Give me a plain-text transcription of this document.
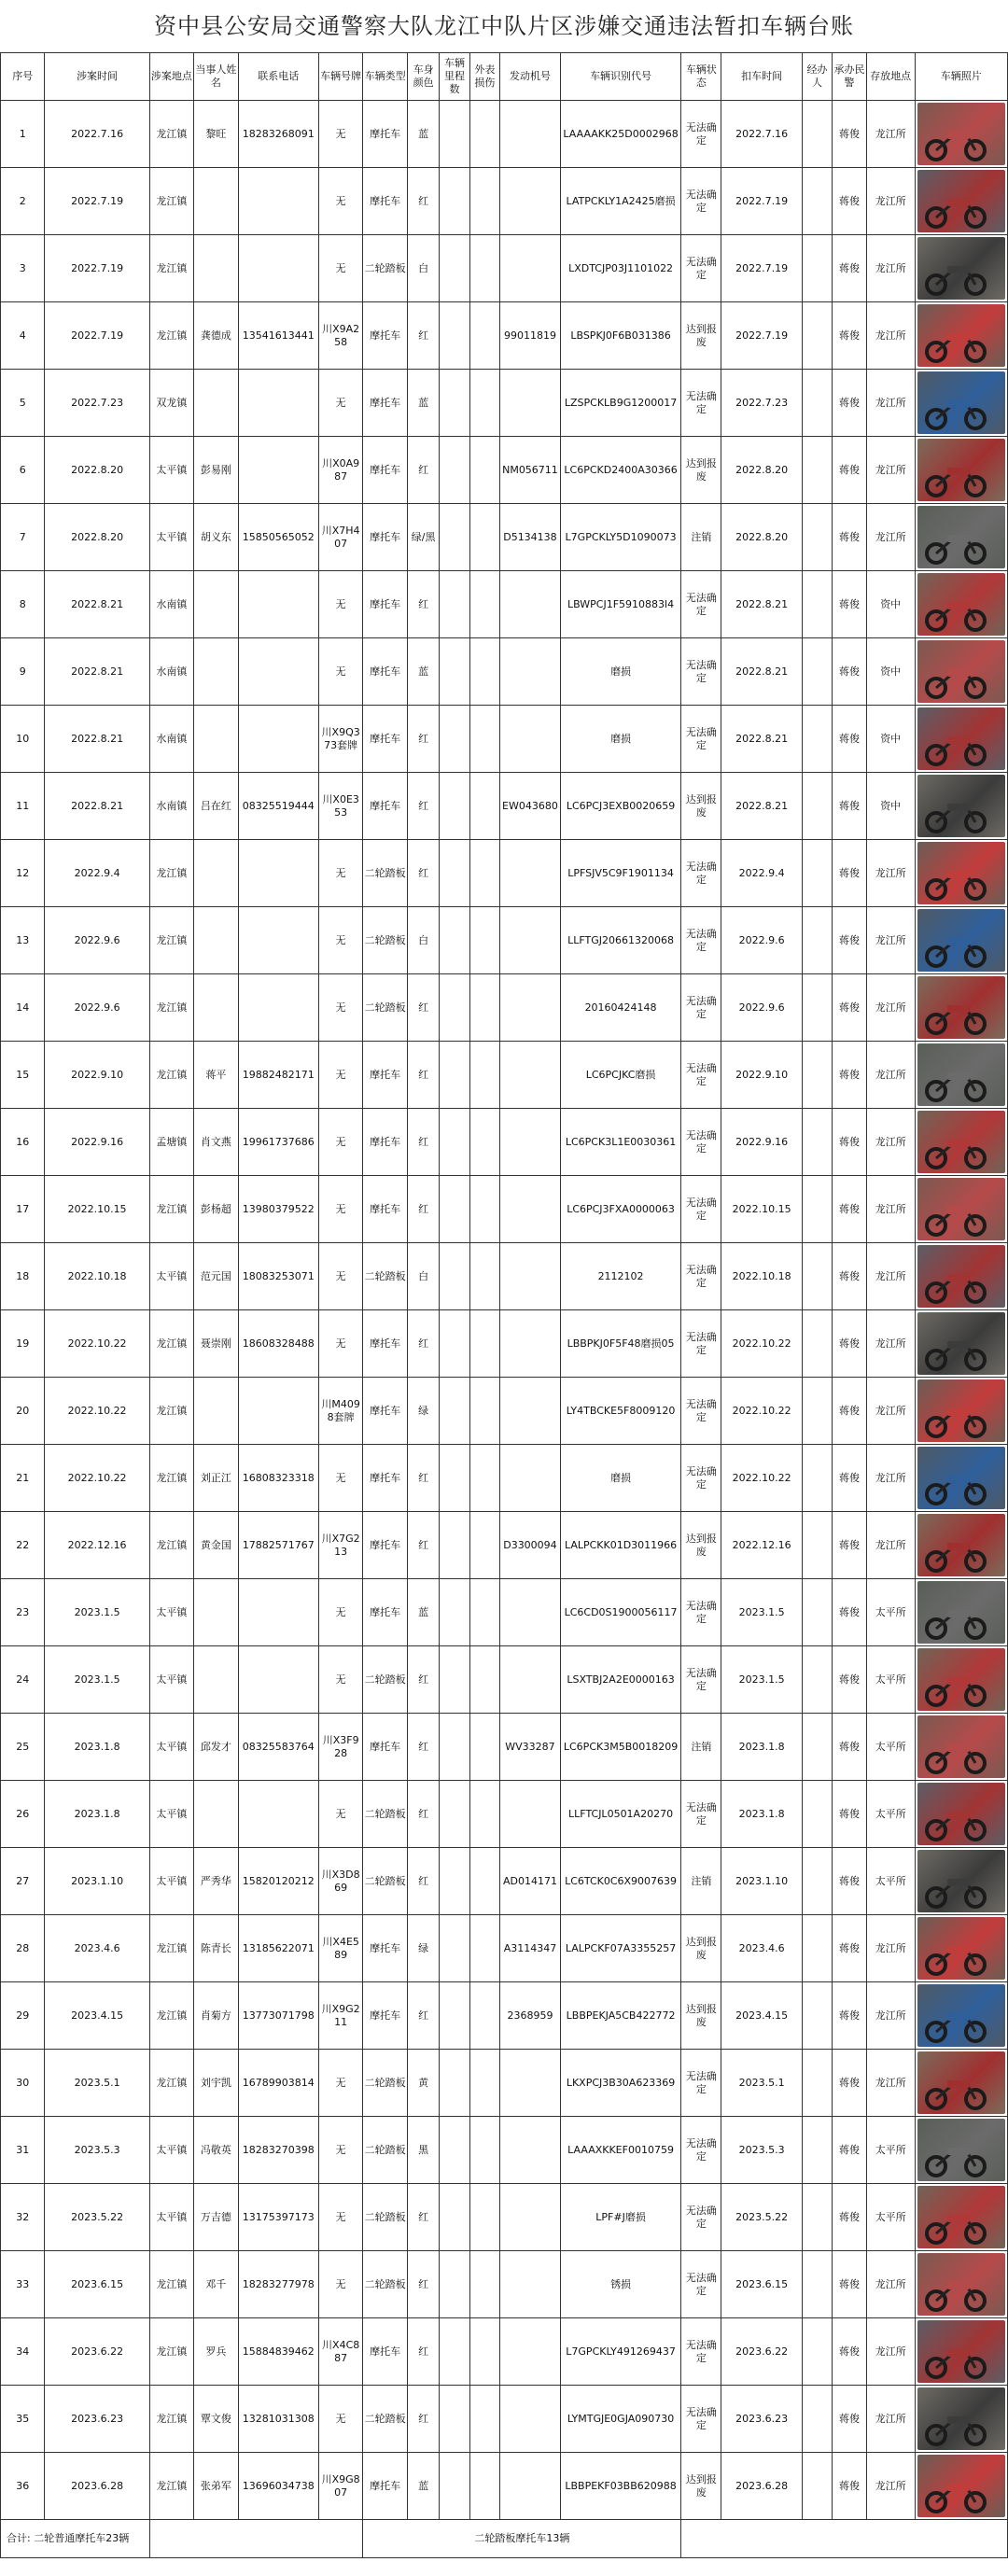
资中县公安局交通警察大队龙江中队片区涉嫌交通违法暂扣车辆台账
序号	涉案时间	涉案地点	当事人姓名	联系电话	车辆号牌	车辆类型	车身颜色	车辆里程数	外表损伤	发动机号	车辆识别代号	车辆状态	扣车时间	经办人	承办民警	存放地点	车辆照片
1	2022.7.16	龙江镇	黎旺	18283268091	无	摩托车	蓝				LAAAAKK25D0002968	无法确定	2022.7.16		蒋俊	龙江所	

2	2022.7.19	龙江镇			无	摩托车	红				LATPCKLY1A2425磨损	无法确定	2022.7.19		蒋俊	龙江所	

3	2022.7.19	龙江镇			无	二轮踏板	白				LXDTCJP03J1101022	无法确定	2022.7.19		蒋俊	龙江所	

4	2022.7.19	龙江镇	龚德成	13541613441	川X9A258	摩托车	红			99011819	LBSPKJ0F6B031386	达到报废	2022.7.19		蒋俊	龙江所	

5	2022.7.23	双龙镇			无	摩托车	蓝				LZSPCKLB9G1200017	无法确定	2022.7.23		蒋俊	龙江所	

6	2022.8.20	太平镇	彭易刚		川X0A987	摩托车	红			NM056711	LC6PCKD2400A30366	达到报废	2022.8.20		蒋俊	龙江所	

7	2022.8.20	太平镇	胡义东	15850565052	川X7H407	摩托车	绿/黑			D5134138	L7GPCKLY5D1090073	注销	2022.8.20		蒋俊	龙江所	

8	2022.8.21	水南镇			无	摩托车	红				LBWPCJ1F5910883l4	无法确定	2022.8.21		蒋俊	资中	

9	2022.8.21	水南镇			无	摩托车	蓝				磨损	无法确定	2022.8.21		蒋俊	资中	

10	2022.8.21	水南镇			川X9Q373套牌	摩托车	红				磨损	无法确定	2022.8.21		蒋俊	资中	

11	2022.8.21	水南镇	吕在红	08325519444	川X0E353	摩托车	红			EW043680	LC6PCJ3EXB0020659	达到报废	2022.8.21		蒋俊	资中	

12	2022.9.4	龙江镇			无	二轮踏板	红				LPFSJV5C9F1901134	无法确定	2022.9.4		蒋俊	龙江所	

13	2022.9.6	龙江镇			无	二轮踏板	白				LLFTGJ20661320068	无法确定	2022.9.6		蒋俊	龙江所	

14	2022.9.6	龙江镇			无	二轮踏板	红				20160424148	无法确定	2022.9.6		蒋俊	龙江所	

15	2022.9.10	龙江镇	蒋平	19882482171	无	摩托车	红				LC6PCJKC磨损	无法确定	2022.9.10		蒋俊	龙江所	

16	2022.9.16	孟塘镇	肖文燕	19961737686	无	摩托车	红				LC6PCK3L1E0030361	无法确定	2022.9.16		蒋俊	龙江所	

17	2022.10.15	龙江镇	彭杨超	13980379522	无	摩托车	红				LC6PCJ3FXA0000063	无法确定	2022.10.15		蒋俊	龙江所	

18	2022.10.18	太平镇	范元国	18083253071	无	二轮踏板	白				2112102	无法确定	2022.10.18		蒋俊	龙江所	

19	2022.10.22	龙江镇	聂崇刚	18608328488	无	摩托车	红				LBBPKJ0F5F48磨损05	无法确定	2022.10.22		蒋俊	龙江所	

20	2022.10.22	龙江镇			川M4098套牌	摩托车	绿				LY4TBCKE5F8009120	无法确定	2022.10.22		蒋俊	龙江所	

21	2022.10.22	龙江镇	刘正江	16808323318	无	摩托车	红				磨损	无法确定	2022.10.22		蒋俊	龙江所	

22	2022.12.16	龙江镇	黄金国	17882571767	川X7G213	摩托车	红			D3300094	LALPCKK01D3011966	达到报废	2022.12.16		蒋俊	龙江所	

23	2023.1.5	太平镇			无	摩托车	蓝				LC6CD0S1900056117	无法确定	2023.1.5		蒋俊	太平所	

24	2023.1.5	太平镇			无	二轮踏板	红				LSXTBJ2A2E0000163	无法确定	2023.1.5		蒋俊	太平所	

25	2023.1.8	太平镇	邱发才	08325583764	川X3F928	摩托车	红			WV33287	LC6PCK3M5B0018209	注销	2023.1.8		蒋俊	太平所	

26	2023.1.8	太平镇			无	二轮踏板	红				LLFTCJL0501A20270	无法确定	2023.1.8		蒋俊	太平所	

27	2023.1.10	太平镇	严秀华	15820120212	川X3D869	二轮踏板	红			AD014171	LC6TCK0C6X9007639	注销	2023.1.10		蒋俊	太平所	

28	2023.4.6	龙江镇	陈青长	13185622071	川X4E589	摩托车	绿			A3114347	LALPCKF07A3355257	达到报废	2023.4.6		蒋俊	龙江所	

29	2023.4.15	龙江镇	肖菊方	13773071798	川X9G211	摩托车	红			2368959	LBBPEKJA5CB422772	达到报废	2023.4.15		蒋俊	龙江所	

30	2023.5.1	龙江镇	刘宇凯	16789903814	无	二轮踏板	黄				LKXPCJ3B30A623369	无法确定	2023.5.1		蒋俊	龙江所	

31	2023.5.3	太平镇	冯敬英	18283270398	无	二轮踏板	黑				LAAAXKKEF0010759	无法确定	2023.5.3		蒋俊	太平所	

32	2023.5.22	太平镇	万吉德	13175397173	无	二轮踏板	红				LPF#J磨损	无法确定	2023.5.22		蒋俊	太平所	

33	2023.6.15	龙江镇	邓千	18283277978	无	二轮踏板	红				锈损	无法确定	2023.6.15		蒋俊	龙江所	

34	2023.6.22	龙江镇	罗兵	15884839462	川X4C887	摩托车	红				L7GPCKLY491269437	无法确定	2023.6.22		蒋俊	龙江所	

35	2023.6.23	龙江镇	覃文俊	13281031308	无	二轮踏板	红				LYMTGJE0GJA090730	无法确定	2023.6.23		蒋俊	龙江所	

36	2023.6.28	龙江镇	张弟军	13696034738	川X9G807	摩托车	蓝				LBBPEKF03BB620988	达到报废	2023.6.28		蒋俊	龙江所	

合计: 二轮普通摩托车23辆						二轮踏板摩托车13辆											
